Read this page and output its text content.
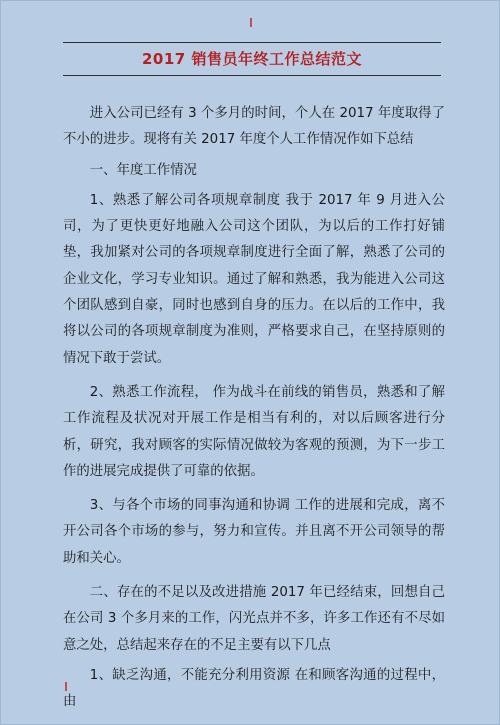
2017 销售员年终工作总结范文

进入公司已经有 3 个多月的时间，个人在 2017 年度取得了不小的进步。现将有关 2017 年度个人工作情况作如下总结

一、年度工作情况

1、熟悉了解公司各项规章制度 我于 2017 年 9 月进入公司，为了更快更好地融入公司这个团队，为以后的工作打好铺垫，我加紧对公司的各项规章制度进行全面了解，熟悉了公司的企业文化，学习专业知识。通过了解和熟悉，我为能进入公司这个团队感到自豪，同时也感到自身的压力。在以后的工作中，我将以公司的各项规章制度为准则，严格要求自己，在坚持原则的情况下敢于尝试。

2、熟悉工作流程， 作为战斗在前线的销售员，熟悉和了解工作流程及状况对开展工作是相当有利的，对以后顾客进行分析，研究，我对顾客的实际情况做较为客观的预测，为下一步工作的进展完成提供了可靠的依据。

3、与各个市场的同事沟通和协调 工作的进展和完成，离不开公司各个市场的参与，努力和宣传。并且离不开公司领导的帮助和关心。

二、存在的不足以及改进措施 2017 年已经结束，回想自己在公司 3 个多月来的工作，闪光点并不多，许多工作还有不尽如意之处，总结起来存在的不足主要有以下几点

1、缺乏沟通，不能充分利用资源 在和顾客沟通的过程中，由
